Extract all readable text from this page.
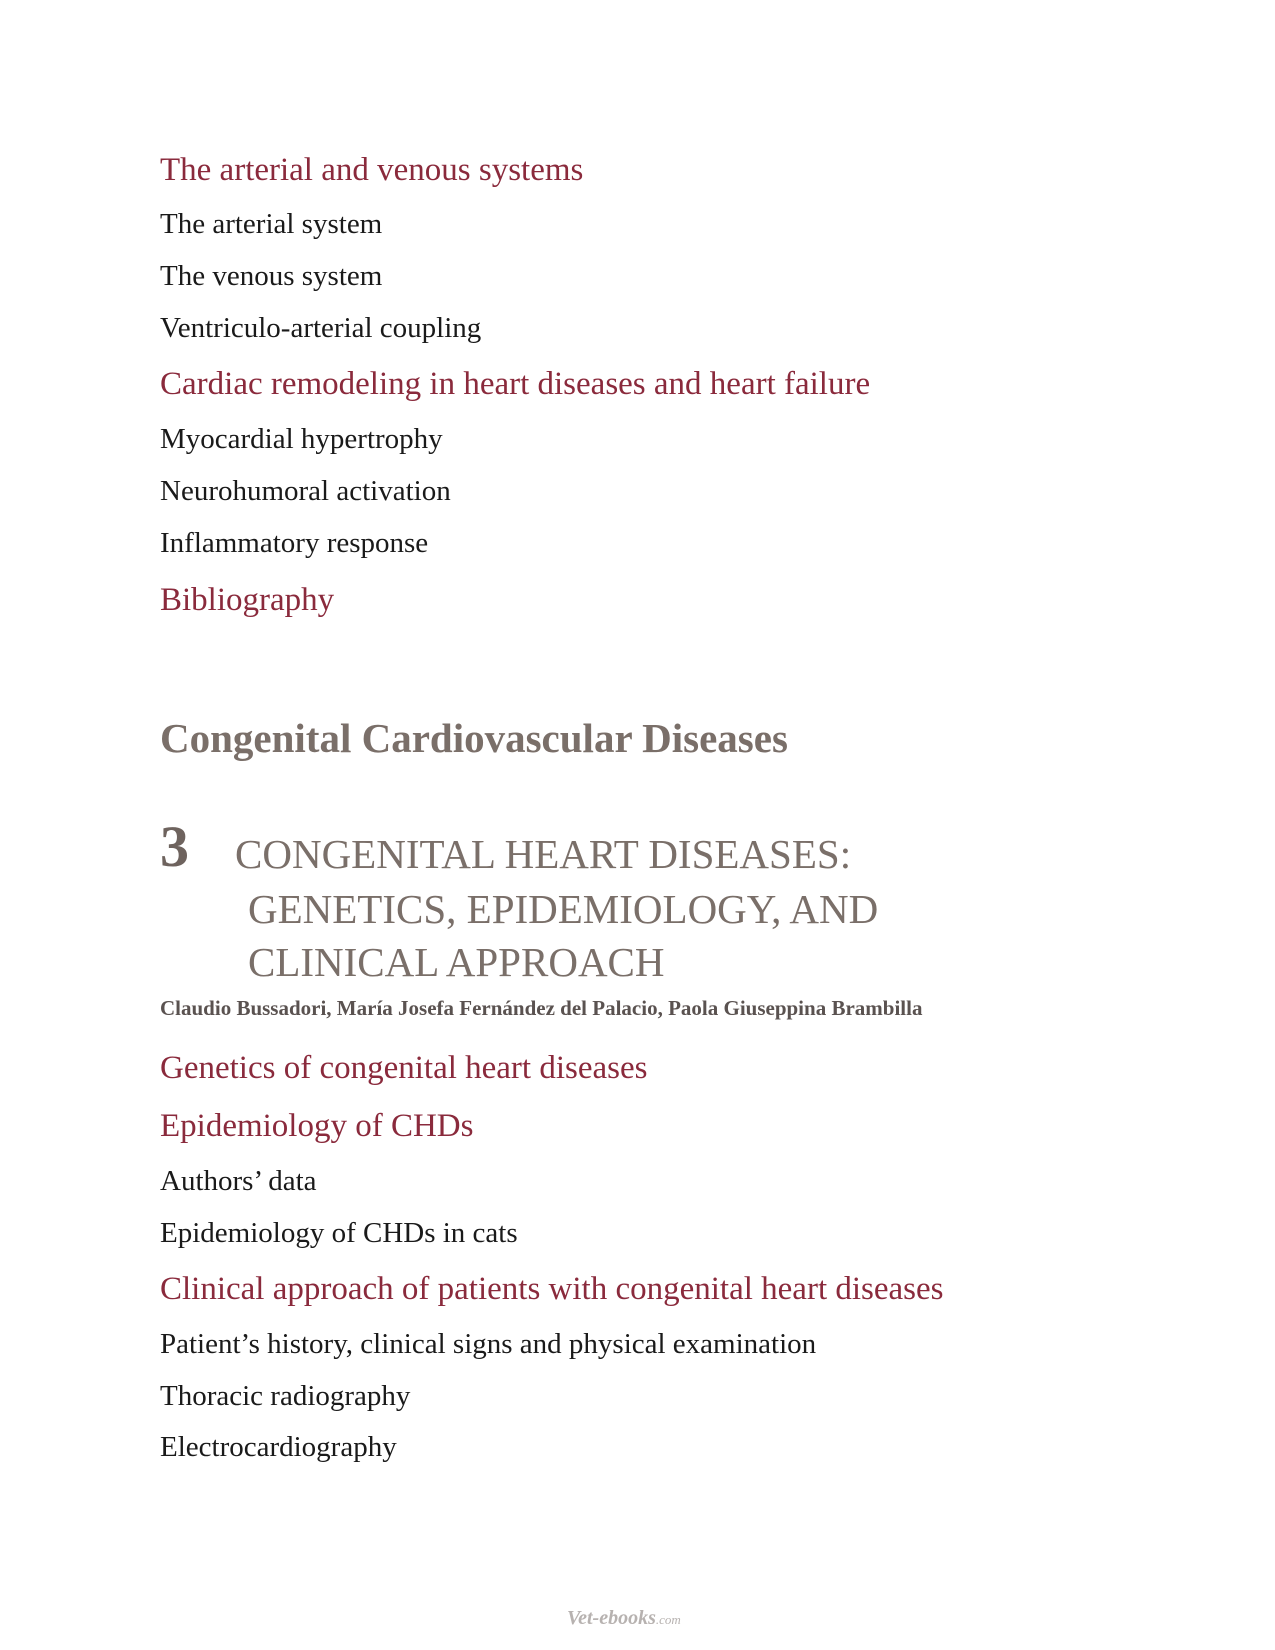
The arterial and venous systems
The arterial system
The venous system
Ventriculo-arterial coupling
Cardiac remodeling in heart diseases and heart failure
Myocardial hypertrophy
Neurohumoral activation
Inflammatory response
Bibliography
Congenital Cardiovascular Diseases
3 CONGENITAL HEART DISEASES:
GENETICS, EPIDEMIOLOGY, AND
CLINICAL APPROACH
Claudio Bussadori, María Josefa Fernández del Palacio, Paola Giuseppina Brambilla
Genetics of congenital heart diseases
Epidemiology of CHDs
Authors’ data
Epidemiology of CHDs in cats
Clinical approach of patients with congenital heart diseases
Patient’s history, clinical signs and physical examination
Thoracic radiography
Electrocardiography
Vet-ebooks.com
